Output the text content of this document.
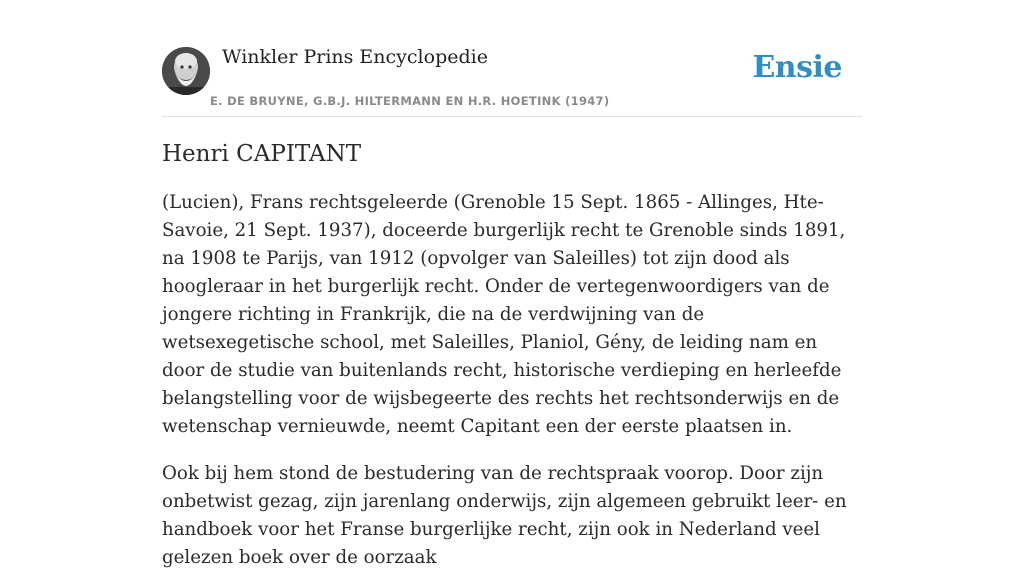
Winkler Prins Encyclopedie
E. DE BRUYNE, G.B.J. HILTERMANN EN H.R. HOETINK (1947)
Ensie
Henri CAPITANT

(Lucien), Frans rechtsgeleerde (Grenoble 15 Sept. 1865 - Allinges, Hte-Savoie, 21 Sept. 1937), doceerde burgerlijk recht te Grenoble sinds 1891, na 1908 te Parijs, van 1912 (opvolger van Saleilles) tot zijn dood als hoogleraar in het burgerlijk recht. Onder de vertegenwoordigers van de jongere richting in Frankrijk, die na de verdwijning van de wetsexegetische school, met Saleilles, Planiol, Gény, de leiding nam en door de studie van buitenlands recht, historische verdieping en herleefde belangstelling voor de wijsbegeerte des rechts het rechtsonderwijs en de wetenschap vernieuwde, neemt Capitant een der eerste plaatsen in.

Ook bij hem stond de bestudering van de rechtspraak voorop. Door zijn onbetwist gezag, zijn jarenlang onderwijs, zijn algemeen gebruikt leer- en handboek voor het Franse burgerlijke recht, zijn ook in Nederland veel gelezen boek over de oorzaak
